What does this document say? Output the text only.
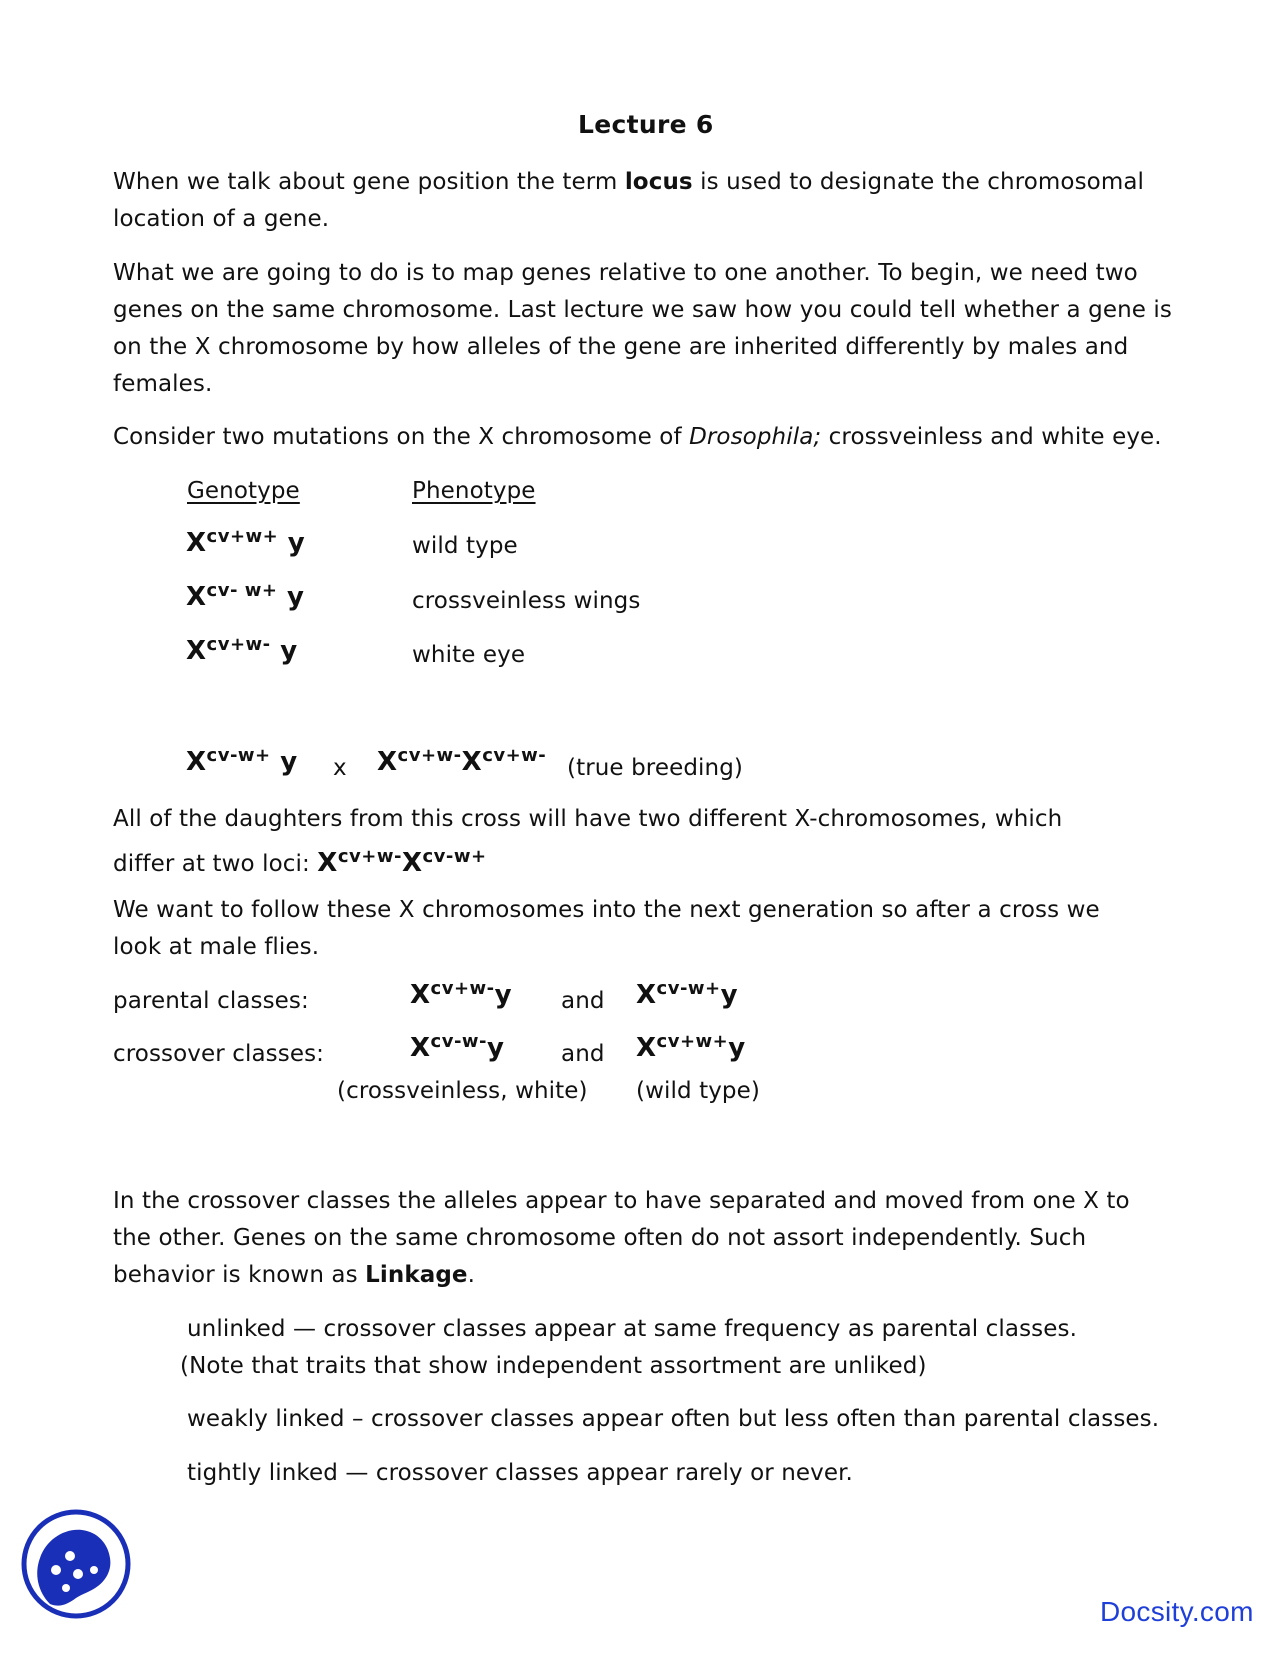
Lecture 6
When we talk about gene position the term locus is used to designate the chromosomal
location of a gene.
What we are going to do is to map genes relative to one another. To begin, we need two
genes on the same chromosome. Last lecture we saw how you could tell whether a gene is
on the X chromosome by how alleles of the gene are inherited differently by males and
females.
Consider two mutations on the X chromosome of Drosophila; crossveinless and white eye.
Genotype	Phenotype
$X^{cv+w+}$ y	wild type
$X^{cv- w+}$ y	crossveinless wings
$X^{cv+w-}$ y	white eye
$X^{cv-w+}$ y x $X^{cv+w-}X^{cv+w-}$ (true breeding)
All of the daughters from this cross will have two different X-chromosomes, which
differ at two loci: $X^{cv+w-}X^{cv-w+}$
We want to follow these X chromosomes into the next generation so after a cross we
look at male flies.
parental classes:	$X^{cv+w-}y$ and $X^{cv-w+}y$
crossover classes:	$X^{cv-w-}y$ and $X^{cv+w+}y$
(crossveinless, white) (wild type)
In the crossover classes the alleles appear to have separated and moved from one X to
the other. Genes on the same chromosome often do not assort independently. Such
behavior is known as Linkage.
unlinked — crossover classes appear at same frequency as parental classes.
(Note that traits that show independent assortment are unliked)
weakly linked – crossover classes appear often but less often than parental classes.
tightly linked — crossover classes appear rarely or never.
Docsity.com
